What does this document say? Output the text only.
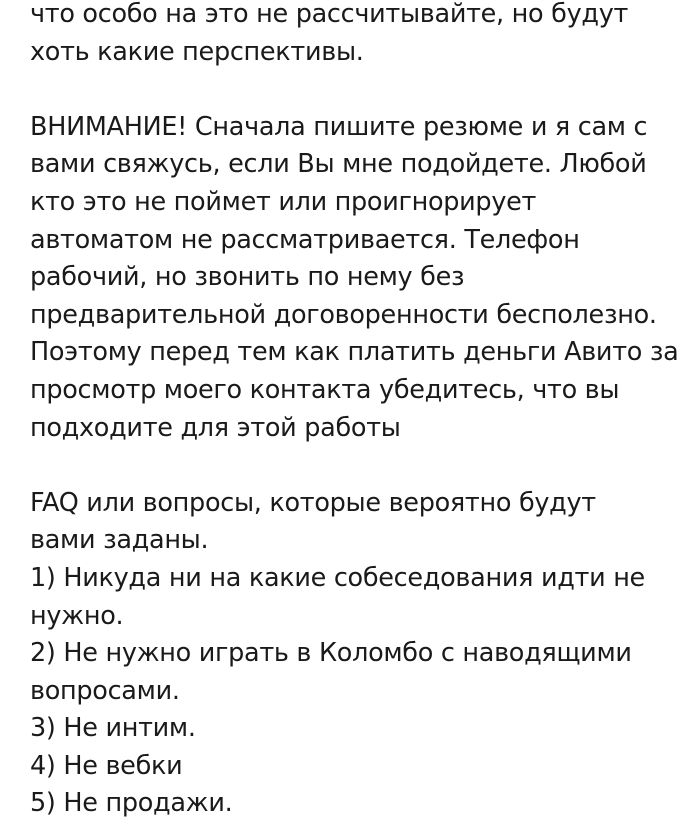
что особо на это не рассчитывайте, но будут
хоть какие перспективы.

ВНИМАНИЕ! Сначала пишите резюме и я сам с
вами свяжусь, если Вы мне подойдете. Любой
кто это не поймет или проигнорирует
автоматом не рассматривается. Телефон
рабочий, но звонить по нему без
предварительной договоренности бесполезно.
Поэтому перед тем как платить деньги Авито за
просмотр моего контакта убедитесь, что вы
подходите для этой работы

FAQ или вопросы, которые вероятно будут
вами заданы.
1) Никуда ни на какие собеседования идти не
нужно.
2) Не нужно играть в Коломбо с наводящими
вопросами.
3) Не интим.
4) Не вебки
5) Не продажи.
